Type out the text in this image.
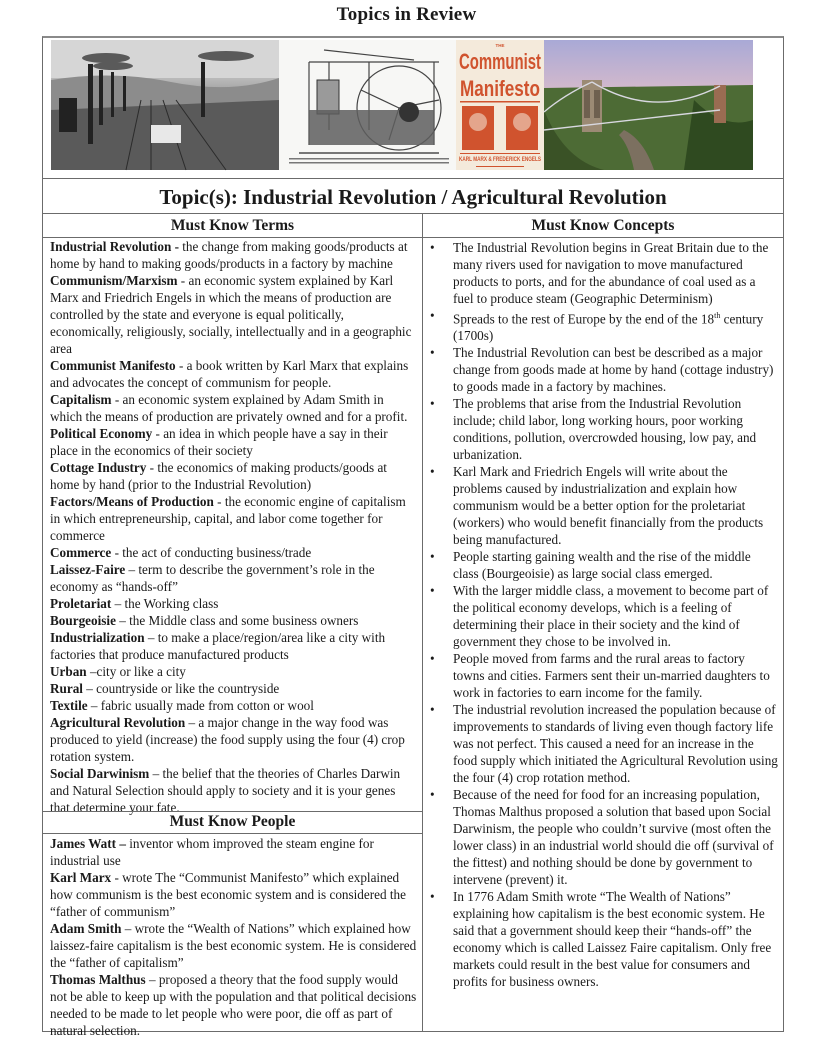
Topics in Review
THE
Communist
Manifesto
KARL MARX & FREDERICK ENGELS
Topic(s): Industrial Revolution / Agricultural Revolution
Must Know Terms	Must Know Concepts
Industrial Revolution - the change from making goods/products at home by hand to making goods/products in a factory by machine
Communism/Marxism - an economic system explained by Karl Marx and Friedrich Engels in which the means of production are controlled by the state and everyone is equal politically, economically, religiously, socially, intellectually and in a geographic area
Communist Manifesto - a book written by Karl Marx that explains and advocates the concept of communism for people.
Capitalism - an economic system explained by Adam Smith in which the means of production are privately owned and for a profit.
Political Economy - an idea in which people have a say in their place in the economics of their society
Cottage Industry - the economics of making products/goods at home by hand (prior to the Industrial Revolution)
Factors/Means of Production - the economic engine of capitalism in which entrepreneurship, capital, and labor come together for commerce
Commerce - the act of conducting business/trade
Laissez-Faire – term to describe the government’s role in the economy as “hands-off”
Proletariat – the Working class
Bourgeoisie – the Middle class and some business owners
Industrialization – to make a place/region/area like a city with factories that produce manufactured products
Urban –city or like a city
Rural – countryside or like the countryside
Textile – fabric usually made from cotton or wool
Agricultural Revolution – a major change in the way food was produced to yield (increase) the food supply using the four (4) crop rotation system.
Social Darwinism – the belief that the theories of Charles Darwin and Natural Selection should apply to society and it is your genes that determine your fate.
Must Know People
James Watt – inventor whom improved the steam engine for industrial use
Karl Marx - wrote The “Communist Manifesto” which explained how communism is the best economic system and is considered the “father of communism”
Adam Smith – wrote the “Wealth of Nations” which explained how laissez-faire capitalism is the best economic system. He is considered the “father of capitalism”
Thomas Malthus – proposed a theory that the food supply would not be able to keep up with the population and that political decisions needed to be made to let people who were poor, die off as part of natural selection.
• The Industrial Revolution begins in Great Britain due to the many rivers used for navigation to move manufactured products to ports, and for the abundance of coal used as a fuel to produce steam (Geographic Determinism)
• Spreads to the rest of Europe by the end of the 18th century (1700s)
• The Industrial Revolution can best be described as a major change from goods made at home by hand (cottage industry) to goods made in a factory by machines.
• The problems that arise from the Industrial Revolution include; child labor, long working hours, poor working conditions, pollution, overcrowded housing, low pay, and urbanization.
• Karl Mark and Friedrich Engels will write about the problems caused by industrialization and explain how communism would be a better option for the proletariat (workers) who would benefit financially from the products being manufactured.
• People starting gaining wealth and the rise of the middle class (Bourgeoisie) as large social class emerged.
• With the larger middle class, a movement to become part of the political economy develops, which is a feeling of determining their place in their society and the kind of government they chose to be involved in.
• People moved from farms and the rural areas to factory towns and cities. Farmers sent their un-married daughters to work in factories to earn income for the family.
• The industrial revolution increased the population because of improvements to standards of living even though factory life was not perfect. This caused a need for an increase in the food supply which initiated the Agricultural Revolution using the four (4) crop rotation method.
• Because of the need for food for an increasing population, Thomas Malthus proposed a solution that based upon Social Darwinism, the people who couldn’t survive (most often the lower class) in an industrial world should die off (survival of the fittest) and nothing should be done by government to intervene (prevent) it.
• In 1776 Adam Smith wrote “The Wealth of Nations” explaining how capitalism is the best economic system. He said that a government should keep their “hands-off” the economy which is called Laissez Faire capitalism. Only free markets could result in the best value for consumers and profits for business owners.
